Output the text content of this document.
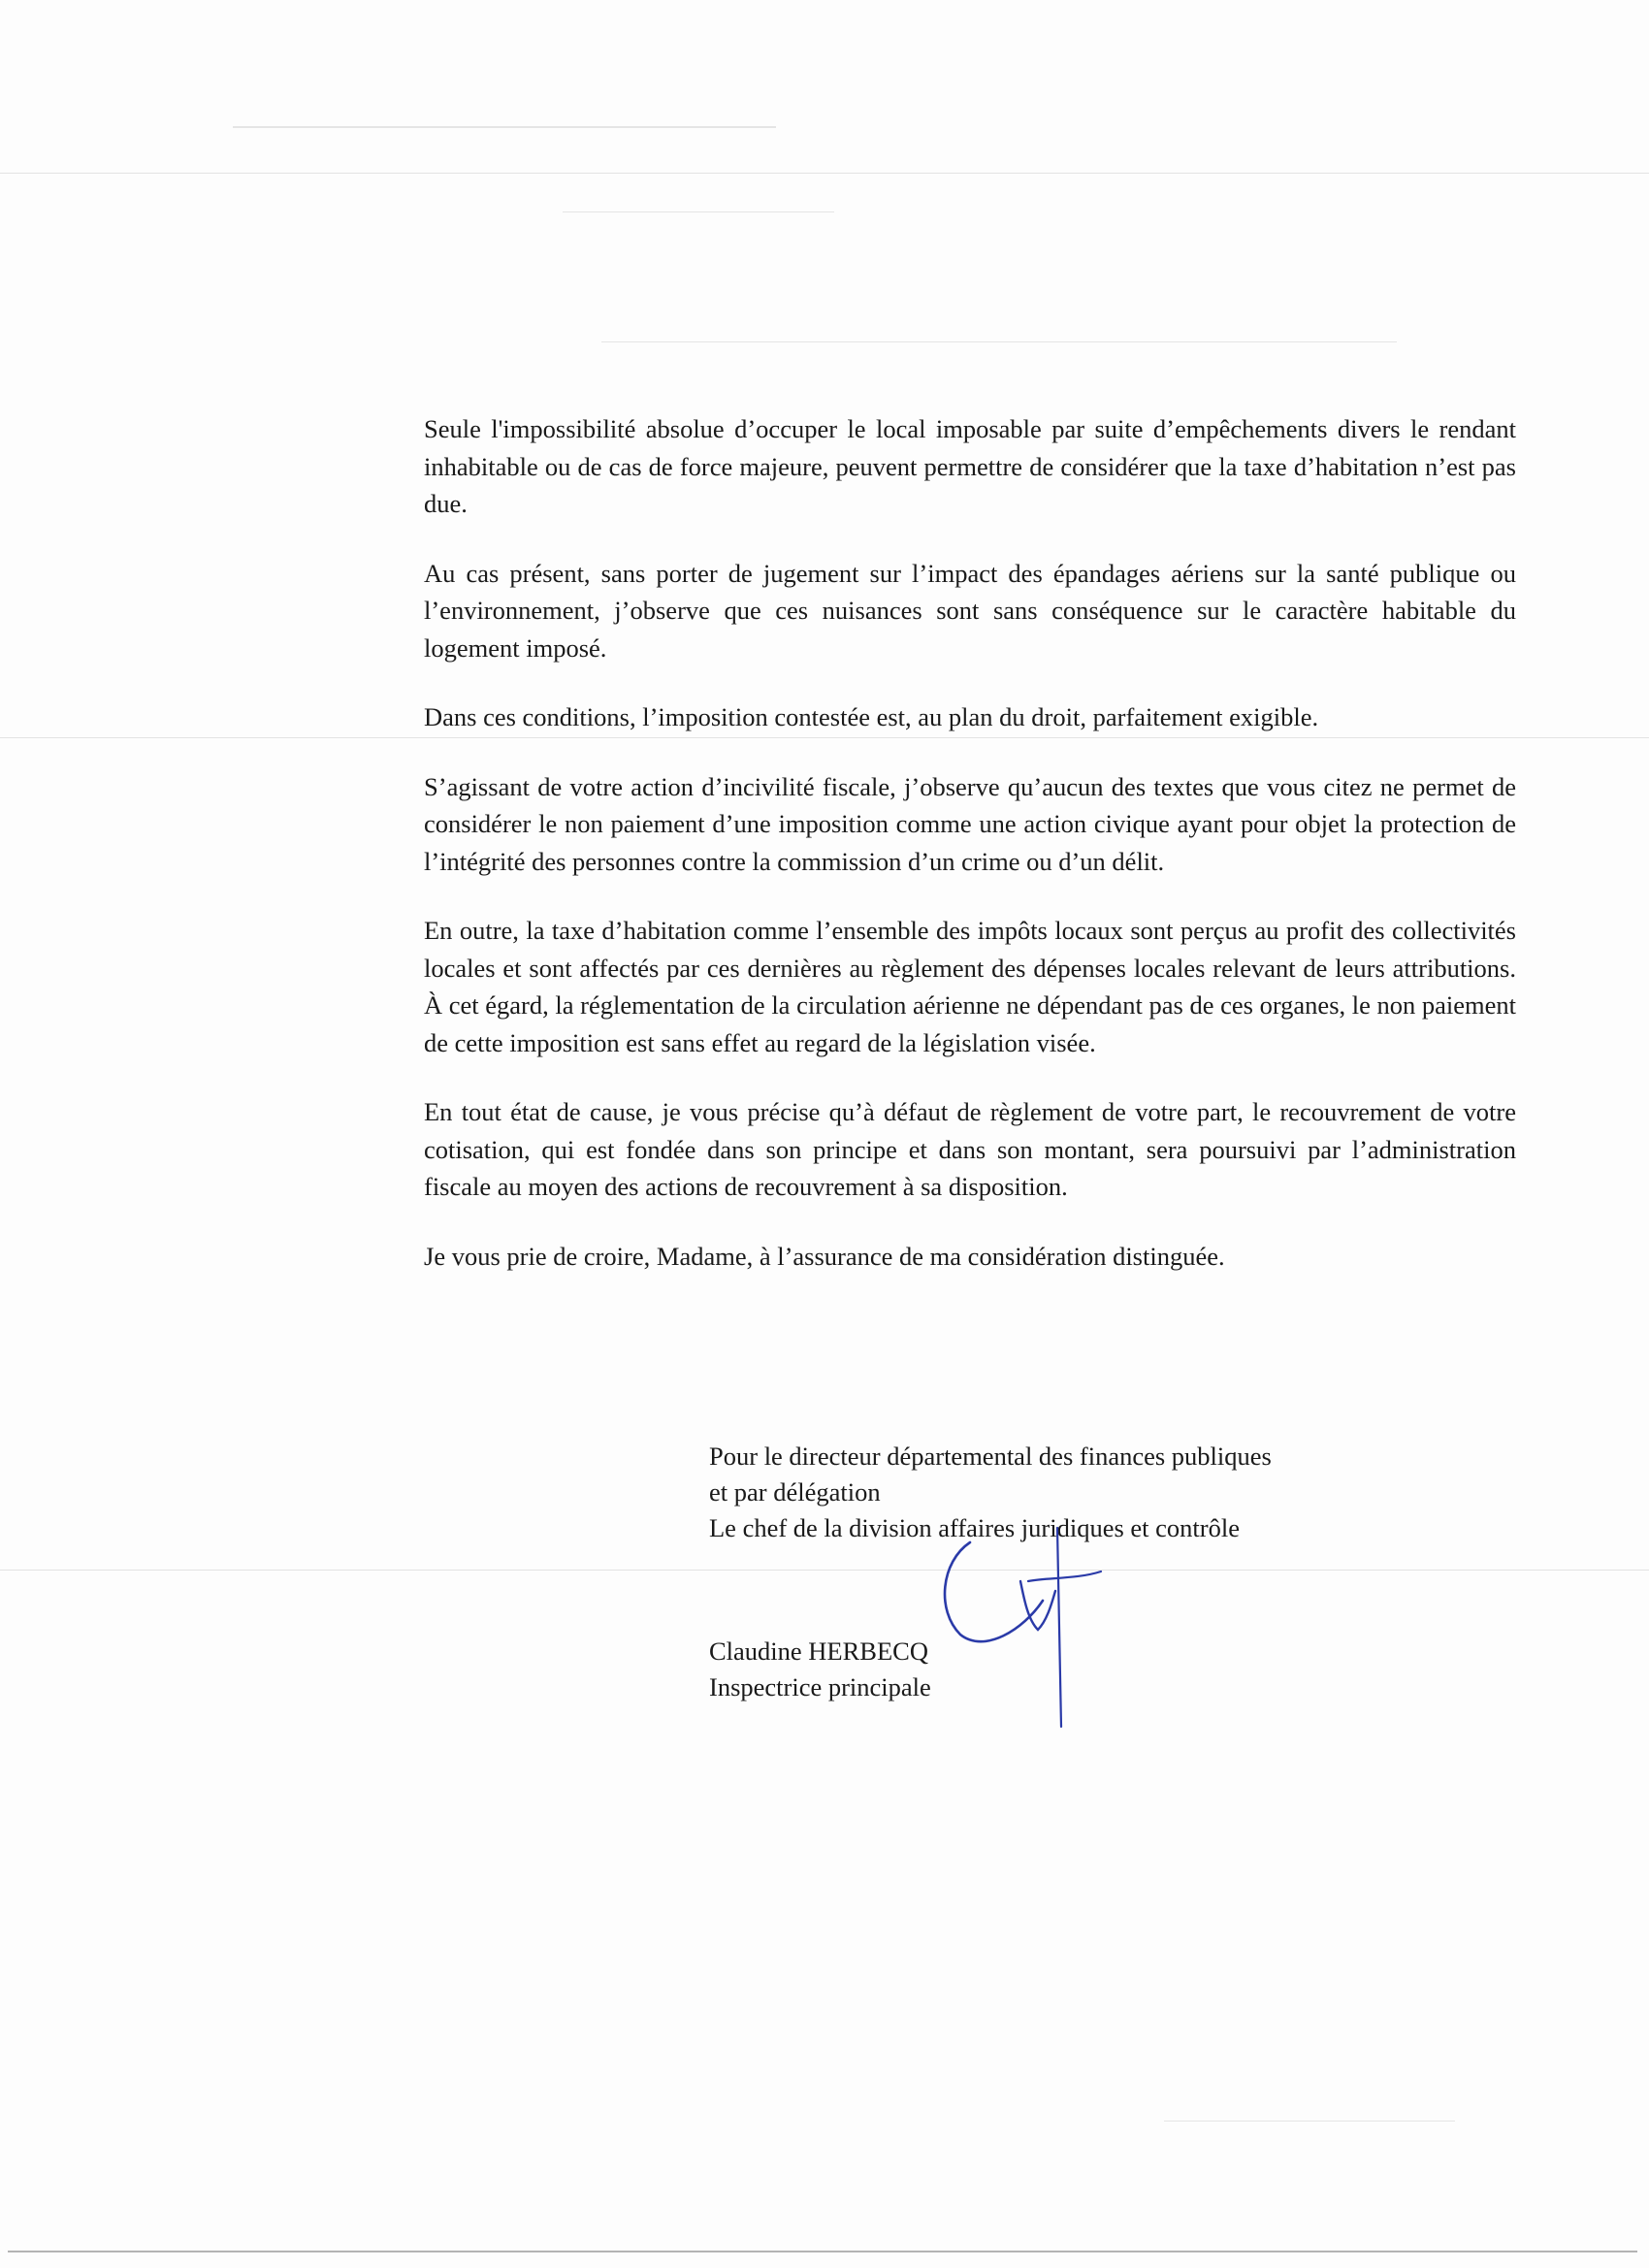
Seule l'impossibilité absolue d’occuper le local imposable par suite d’empêchements divers le rendant inhabitable ou de cas de force majeure, peuvent permettre de considérer que la taxe d’habitation n’est pas due.

Au cas présent, sans porter de jugement sur l’impact des épandages aériens sur la santé publique ou l’environnement, j’observe que ces nuisances sont sans conséquence sur le caractère habitable du logement imposé.

Dans ces conditions, l’imposition contestée est, au plan du droit, parfaitement exigible.

S’agissant de votre action d’incivilité fiscale, j’observe qu’aucun des textes que vous citez ne permet de considérer le non paiement d’une imposition comme une action civique ayant pour objet la protection de l’intégrité des personnes contre la commission d’un crime ou d’un délit.

En outre, la taxe d’habitation comme l’ensemble des impôts locaux sont perçus au profit des collectivités locales et sont affectés par ces dernières au règlement des dépenses locales relevant de leurs attributions. À cet égard, la réglementation de la circulation aérienne ne dépendant pas de ces organes, le non paiement de cette imposition est sans effet au regard de la législation visée.

En tout état de cause, je vous précise qu’à défaut de règlement de votre part, le recouvrement de votre cotisation, qui est fondée dans son principe et dans son montant, sera poursuivi par l’administration fiscale au moyen des actions de recouvrement à sa disposition.

Je vous prie de croire, Madame, à l’assurance de ma considération distinguée.

Pour le directeur départemental des finances publiques
et par délégation
Le chef de la division affaires juridiques et contrôle
Claudine HERBECQ
Inspectrice principale
